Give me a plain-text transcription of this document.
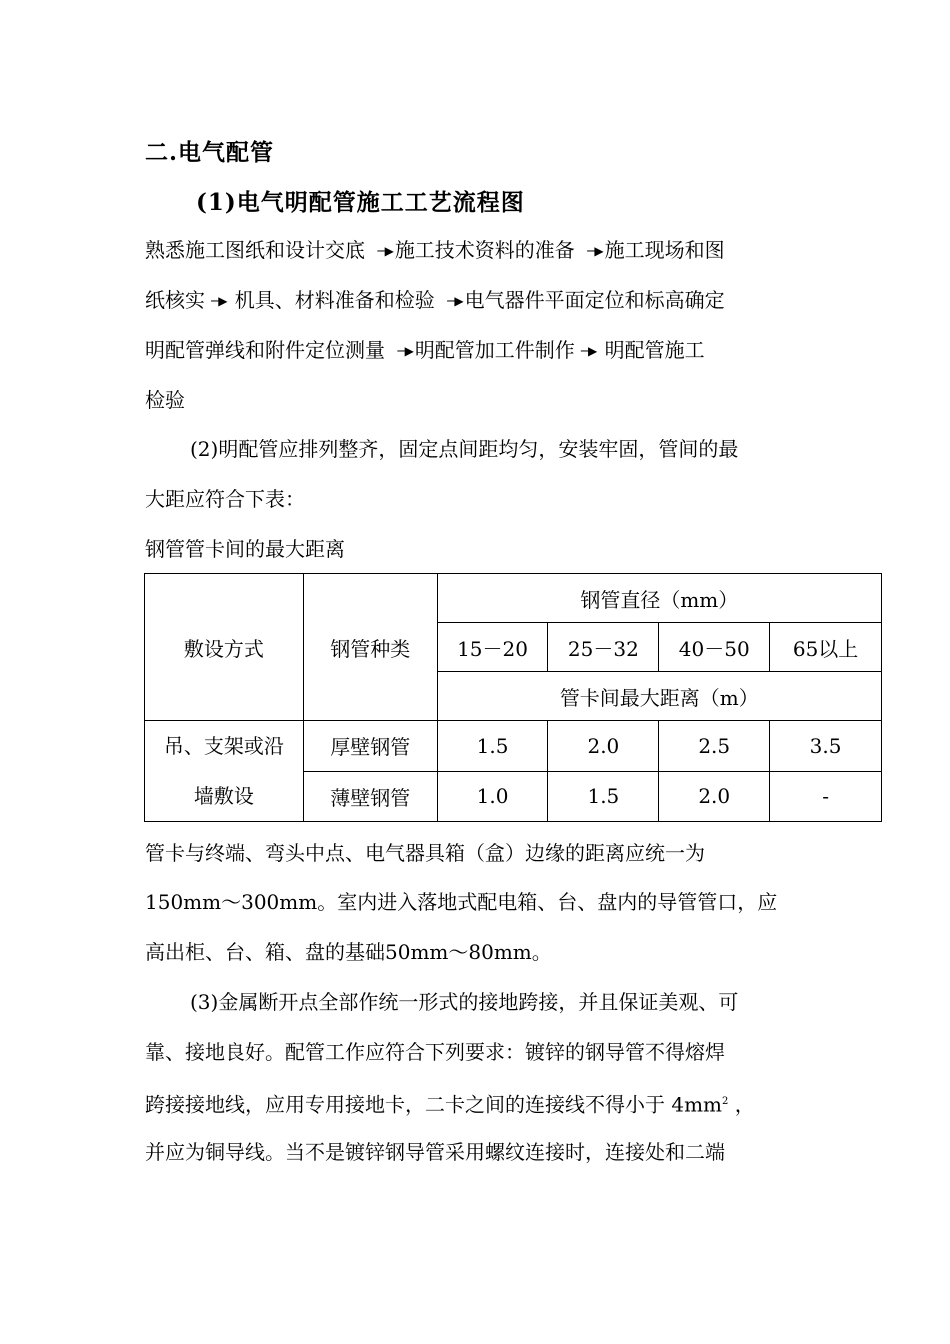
二.电气配管
(1)电气明配管施工工艺流程图
熟悉施工图纸和设计交底 ─▶施工技术资料的准备 ─▶施工现场和图
纸核实 ─▶ 机具、材料准备和检验 ─▶电气器件平面定位和标高确定
明配管弹线和附件定位测量 ─▶明配管加工件制作 ─▶ 明配管施工
检验
(2)明配管应排列整齐，固定点间距均匀，安装牢固，管间的最
大距应符合下表：
钢管管卡间的最大距离
敷设方式	钢管种类	钢管直径（mm）			
		15－20	25－32	40－50	65以上
		管卡间最大距离（m）			

吊、支架或沿
墙敷设	厚壁钢管	1.5	2.0	2.5	3.5
	薄壁钢管	1.0	1.5	2.0	-
管卡与终端、弯头中点、电气器具箱（盒）边缘的距离应统一为
150mm～300mm。室内进入落地式配电箱、台、盘内的导管管口，应
高出柜、台、箱、盘的基础50mm～80mm。
(3)金属断开点全部作统一形式的接地跨接，并且保证美观、可
靠、接地良好。配管工作应符合下列要求：镀锌的钢导管不得熔焊
跨接接地线，应用专用接地卡，二卡之间的连接线不得小于 $4mm^2$ ，
并应为铜导线。当不是镀锌钢导管采用螺纹连接时，连接处和二端
